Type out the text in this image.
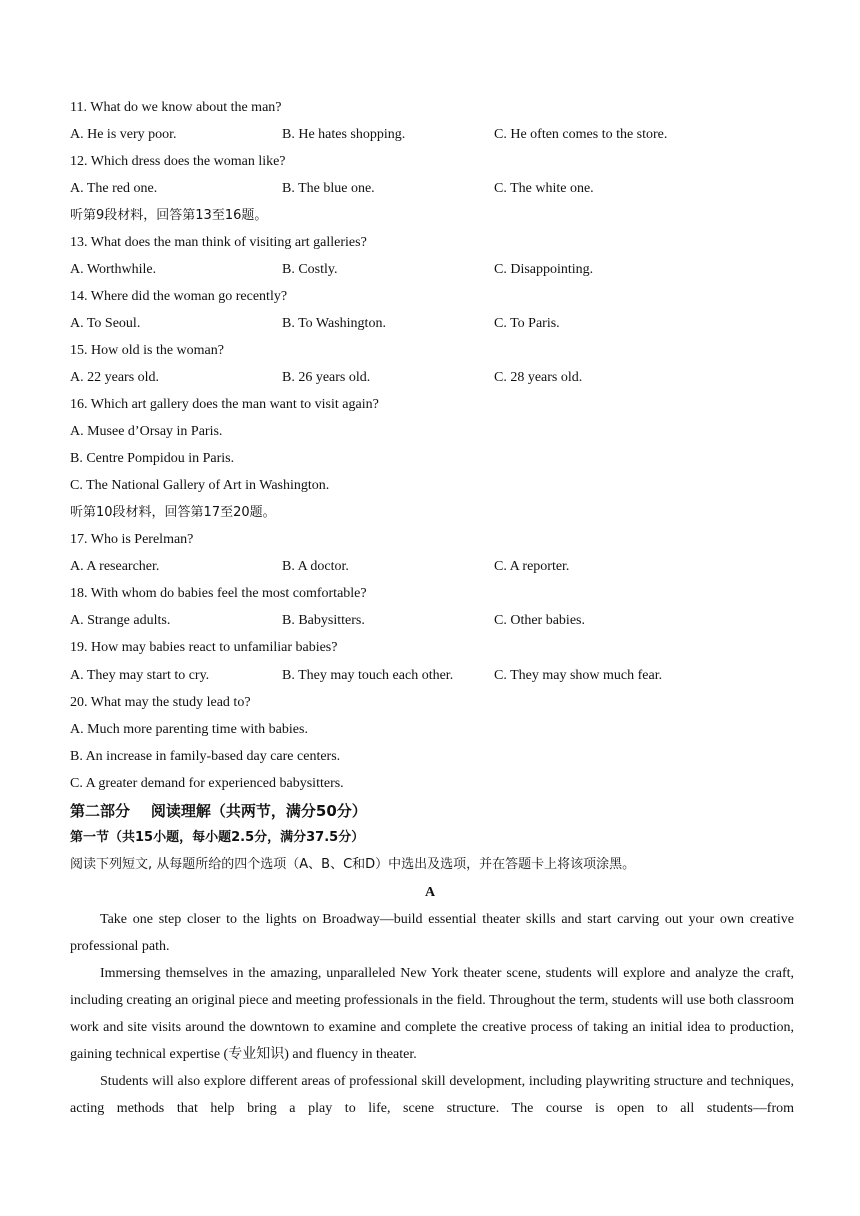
11. What do we know about the man?
A. He is very poor.	B. He hates shopping.	C. He often comes to the store.
12. Which dress does the woman like?
A. The red one.	B. The blue one.	C. The white one.
听第9段材料，回答第13至16题。
13. What does the man think of visiting art galleries?
A. Worthwhile.	B. Costly.	C. Disappointing.
14. Where did the woman go recently?
A. To Seoul.	B. To Washington.	C. To Paris.
15. How old is the woman?
A. 22 years old.	B. 26 years old.	C. 28 years old.
16. Which art gallery does the man want to visit again?
A. Musee d’Orsay in Paris.
B. Centre Pompidou in Paris.
C. The National Gallery of Art in Washington.
听第10段材料，回答第17至20题。
17. Who is Perelman?
A. A researcher.	B. A doctor.	C. A reporter.
18. With whom do babies feel the most comfortable?
A. Strange adults.	B. Babysitters.	C. Other babies.
19. How may babies react to unfamiliar babies?
A. They may start to cry.	B. They may touch each other.	C. They may show much fear.
20. What may the study lead to?
A. Much more parenting time with babies.
B. An increase in family-based day care centers.
C. A greater demand for experienced babysitters.
第二部分    阅读理解（共两节，满分50分）
第一节（共15小题，每小题2.5分，满分37.5分）
阅读下列短文, 从每题所给的四个选项（A、B、C和D）中选出及选项，并在答题卡上将该项涂黑。
A
Take one step closer to the lights on Broadway—build essential theater skills and start carving out your own creative professional path.
Immersing themselves in the amazing, unparalleled New York theater scene, students will explore and analyze the craft, including creating an original piece and meeting professionals in the field. Throughout the term, students will use both classroom work and site visits around the downtown to examine and complete the creative process of taking an initial idea to production, gaining technical expertise (专业知识) and fluency in theater.
Students will also explore different areas of professional skill development, including playwriting structure and techniques, acting methods that help bring a play to life, scene structure. The course is open to all students—from
